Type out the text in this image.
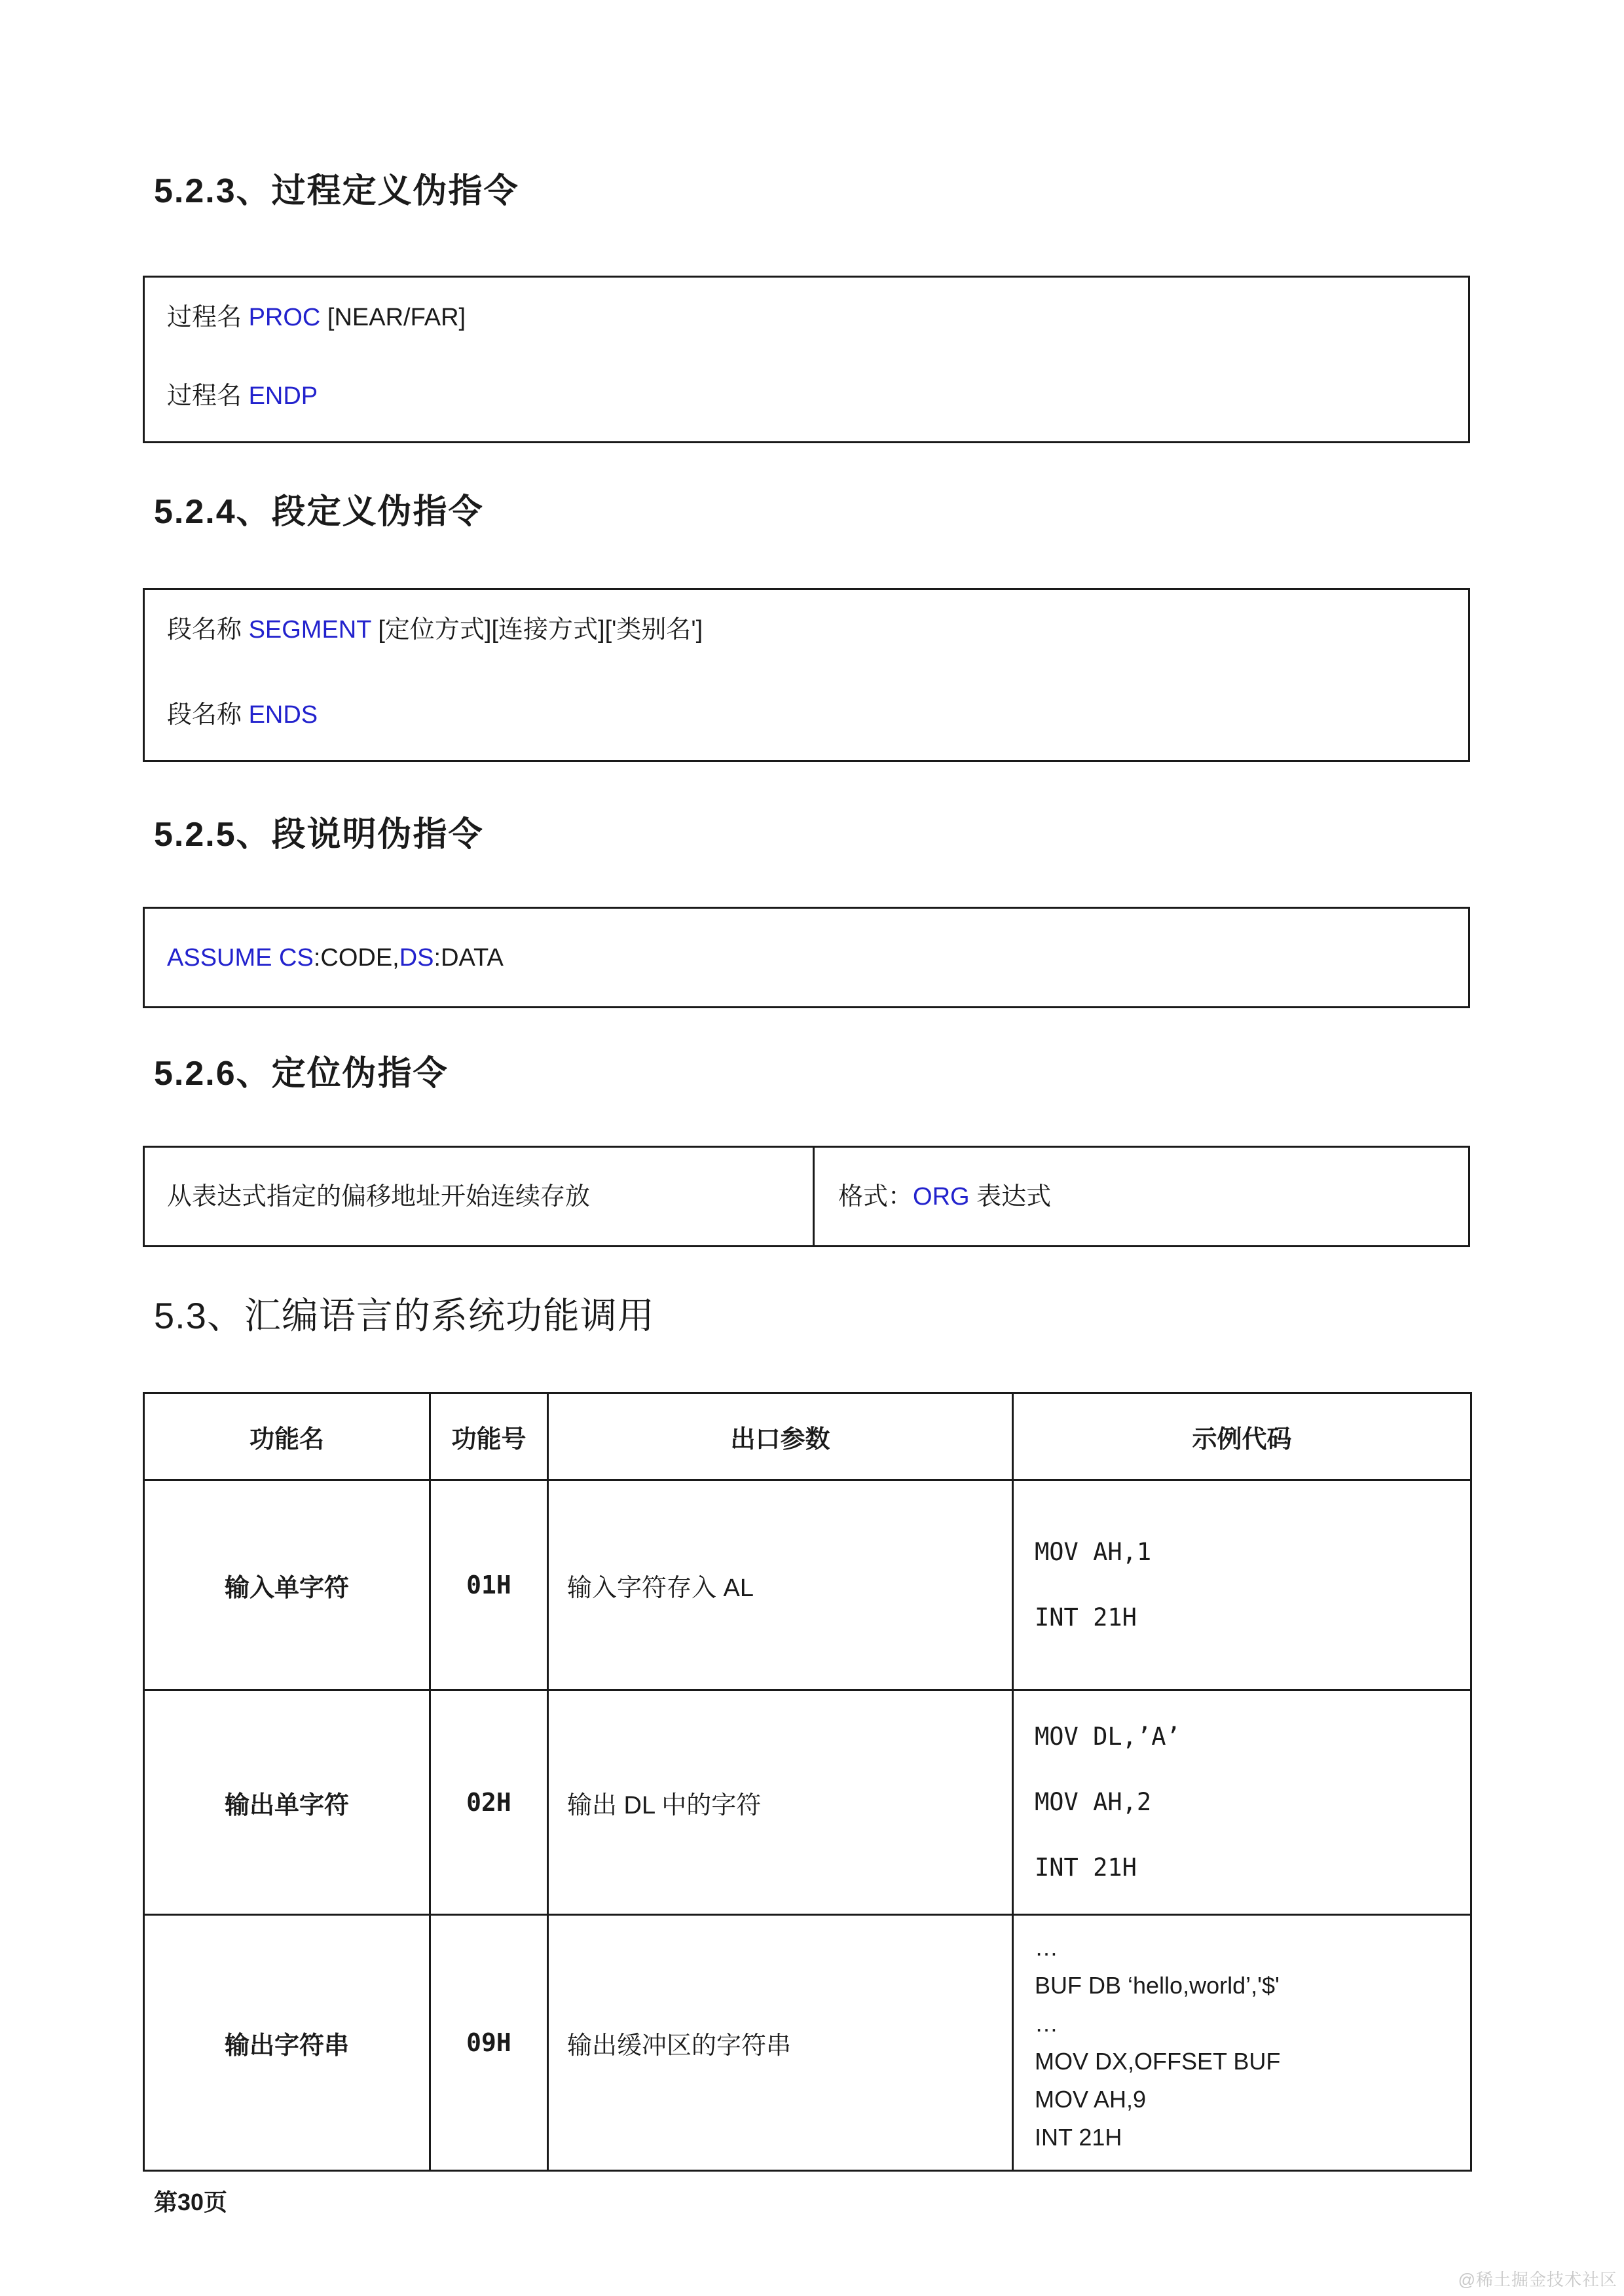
5.2.3、过程定义伪指令
过程名 PROC [NEAR/FAR]
过程名 ENDP
5.2.4、段定义伪指令
段名称 SEGMENT [定位方式][连接方式]['类别名']
段名称 ENDS
5.2.5、段说明伪指令
ASSUME CS:CODE,DS:DATA
5.2.6、定位伪指令
从表达式指定的偏移地址开始连续存放	格式：ORG 表达式
5.3、汇编语言的系统功能调用
功能名	功能号	出口参数	示例代码
输入单字符	01H	输入字符存入 AL	MOV AH,1
INT 21H

输出单字符	02H	输出 DL 中的字符	MOV DL,’A’
MOV AH,2
INT 21H

输出字符串	09H	输出缓冲区的字符串	
…
BUF DB ‘hello,world’,'$'
…
MOV DX,OFFSET BUF
MOV AH,9
INT 21H
第30页
@稀土掘金技术社区
